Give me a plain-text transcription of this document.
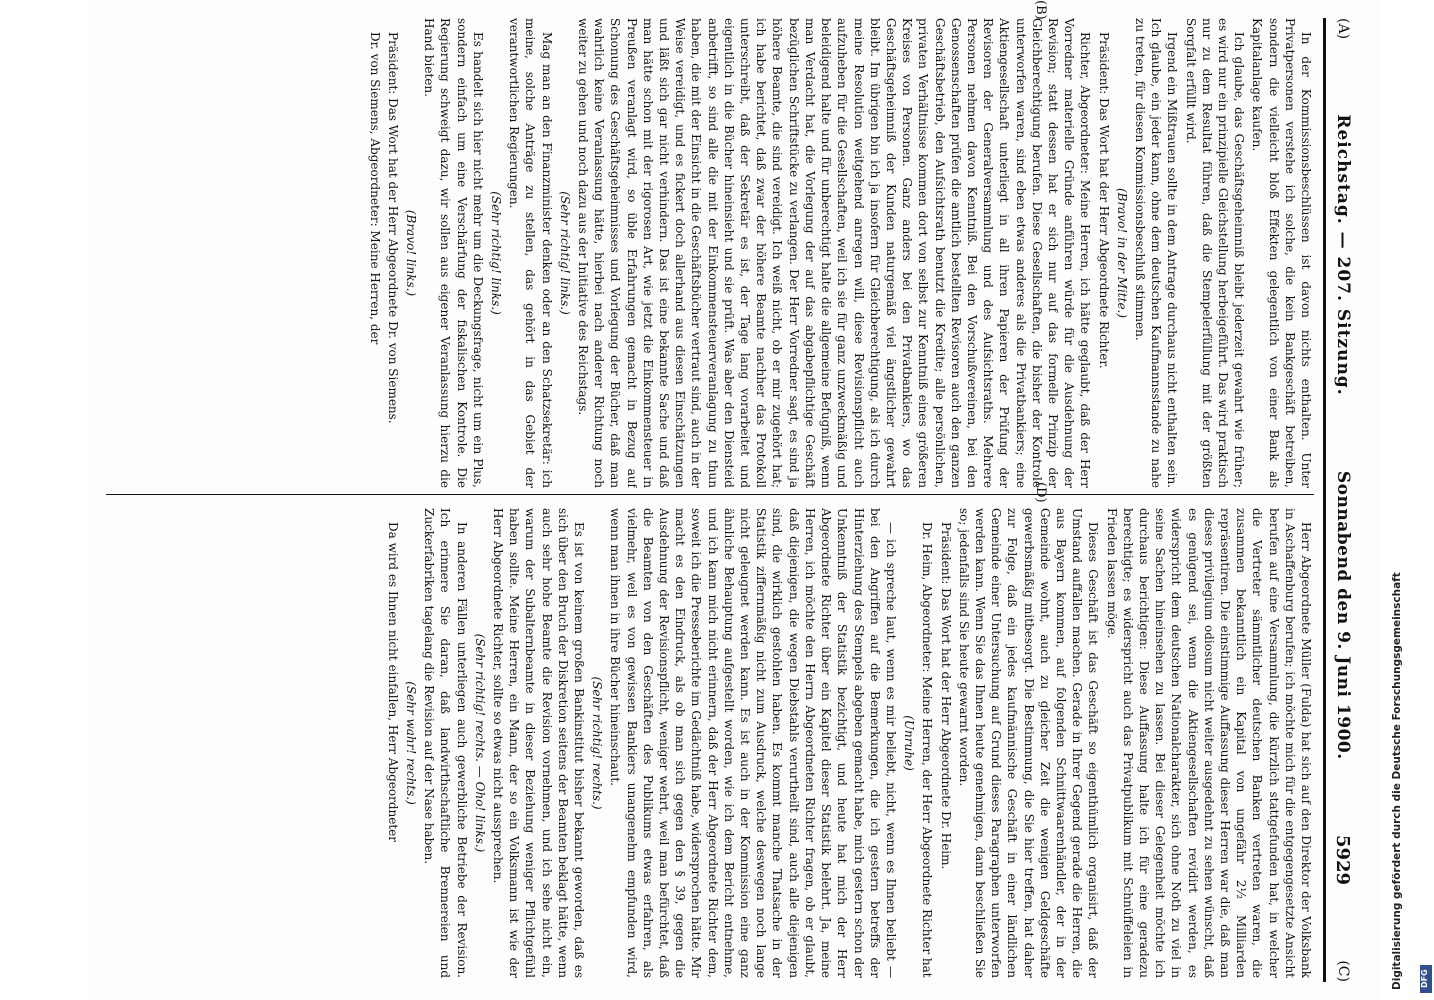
(A)
Reichstag. — 207. Sitzung.
Sonnabend den 9. Juni 1900.
5929
(C)

In der Kommissionsbeschlüssen ist davon nichts enthalten. Unter Privatpersonen verstehe ich solche, die kein Bankgeschäft betreiben, sondern die vielleicht bloß Effekten gelegentlich von einer Bank als Kapitalanlage kaufen.

Ich glaube, das Geschäftsgeheimniß bleibt jederzeit gewahrt wie früher; es wird nur ein prinzipielle Gleichstellung herbeigeführt. Das wird praktisch nur zu dem Resultat führen, daß die Stempelerfüllung mit der größten Sorgfalt erfüllt wird.

Irgend ein Mißtrauen sollte in dem Antrage durchaus nicht enthalten sein. Ich glaube, ein jeder kann, ohne dem deutschen Kaufmannsstande zu nahe zu treten, für diesen Kommissionsbeschluß stimmen.

(Bravo! in der Mitte.)

Präsident: Das Wort hat der Herr Abgeordnete Richter.

Richter, Abgeordneter: Meine Herren, ich hätte geglaubt, daß der Herr Vorredner materielle Gründe anführen würde für die Ausdehnung der Revision; statt dessen hat er sich nur auf das formelle Prinzip der Gleichberechtigung berufen. Diese Gesellschaften, die bisher der Kontrole unterworfen waren, sind eben etwas anderes als die Privatbankiers; eine Aktiengesellschaft unterliegt in all ihren Papieren der Prüfung der Revisoren der Generalversammlung und des Aufsichtsraths. Mehrere Personen nehmen davon Kenntniß. Bei den Vorschußvereinen, bei den Genossenschaften prüfen die amtlich bestellten Revisoren auch den ganzen Geschäftsbetrieb, den Aufsichtsrath benutzt die Kredite; alle persönlichen, privaten Verhältnisse kommen dort von selbst zur Kenntniß eines größeren Kreises von Personen. Ganz anders bei den Privatbankiers, wo das Geschäftsgeheimniß der Kunden naturgemäß viel ängstlicher gewahrt bleibt. Im übrigen bin ich ja insofern für Gleichberechtigung, als ich durch meine Resolution weitgehend anregen will, diese Revisionspflicht auch aufzuheben für die Gesellschaften, weil ich sie für ganz unzweckmäßig und beleidigend halte und für unberechtigt halte die allgemeine Befugniß, wenn man Verdacht hat, die Vorlegung der auf das abgabepflichtige Geschäft bezüglichen Schriftstücke zu verlangen. Der Herr Vorredner sagt, es sind ja höhere Beamte, die sind vereidigt. Ich weiß nicht, ob er mir zugehört hat; ich habe berichtet, daß zwar der höhere Beamte nachher das Protokoll unterschreibt, daß der Sekretär es ist, der Tage lang vorarbeitet und eigentlich in die Bücher hineinsieht und sie prüft. Was aber den Diensteid anbetrifft, so sind alle die mit der Einkommensteuerveranlagung zu thun haben, die mit der Einsicht in die Geschäftsbücher vertraut sind, auch in der Weise vereidigt, und es fickert doch allerhand aus diesen Einschätzungen und läßt sich gar nicht verhindern. Das ist eine bekannte Sache und daß man hätte schon mit der rigorosen Art, wie jetzt die Einkommensteuer in Preußen veranlagt wird, so üble Erfahrungen gemacht in Bezug auf Schonung des Geschäftsgeheimnisses und Vorlegung der Bücher, daß man wahrlich keine Veranlassung hätte, hierbei nach anderer Richtung noch weiter zu gehen und noch dazu aus der Initiative des Reichstags.

(Sehr richtig! links.)

Mag man an den Finanzminister denken oder an den Schatzsekretär: ich meine, solche Anträge zu stellen, das gehört in das Gebiet der verantwortlichen Regierungen.

(Sehr richtig! links.)

Es handelt sich hier nicht mehr um die Deckungsfrage, nicht um ein Plus, sondern einfach um eine Verschärfung der fiskalischen Kontrole. Die Regierung schweigt dazu, wir sollen aus eigener Veranlassung hierzu die Hand bieten.

(Bravo! links.)

Präsident: Das Wort hat der Herr Abgeordnete Dr. von Siemens.

Dr. von Siemens, Abgeordneter: Meine Herren, der

Herr Abgeordnete Müller (Fulda) hat sich auf den Direktor der Volksbank in Aschaffenburg berufen; ich möchte mich für die entgegengesetzte Ansicht berufen auf eine Versammlung, die kürzlich stattgefunden hat, in welcher die Vertreter sämmtlicher deutschen Banken vertreten waren, die zusammen bekanntlich ein Kapital von ungefähr 2½ Milliarden repräsentiren. Die einstimmige Auffassung dieser Herren war die, daß man dieses privilegium odiosum nicht weiter ausgedehnt zu sehen wünscht, daß es genügend sei, wenn die Aktiengesellschaften revidirt werden, es widerspricht dem deutschen Nationalcharakter, sich ohne Noth zu viel in seine Sachen hineinsehen zu lassen. Bei dieser Gelegenheit möchte ich durchaus berichtigen: Diese Auffassung halte ich für eine geradezu berechtigte; es widerspricht auch das Privatpublikum mit Schnüffeleien in Frieden lassen möge.

Dieses Geschäft ist das Geschäft so eigenthümlich organisirt, daß der Umstand auffallen machen. Gerade in Ihrer Gegend gerade die Herren, die aus Bayern kommen, auf folgenden Schnittwaarenhändler, der in der Gemeinde wohnt, auch zu gleicher Zeit die wenigen Geldgeschäfte gewerbsmäßig mitbesorgt. Die Bestimmung, die Sie hier treffen, hat daher zur Folge, daß ein jedes kaufmännische Geschäft in einer ländlichen Gemeinde einer Untersuchung auf Grund dieses Paragraphen unterworfen werden kann. Wenn Sie das Ihnen heute genehmigen, dann beschließen Sie so; jedenfalls sind Sie heute gewarnt worden.

Präsident: Das Wort hat der Herr Abgeordnete Dr. Heim.

Dr. Heim, Abgeordneter: Meine Herren, der Herr Abgeordnete Richter hat

(Unruhe)

— ich spreche laut, wenn es mir beliebt, nicht, wenn es Ihnen beliebt — bei den Angriffen auf die Bemerkungen, die ich gestern betreffs der Hinterziehung des Stempels abgeben gemacht habe, mich gestern schon der Unkenntniß der Statistik bezichtigt, und heute hat mich der Herr Abgeordnete Richter über ein Kapitel dieser Statistik belehrt. Ja, meine Herren, ich möchte den Herrn Abgeordneten Richter fragen, ob er glaubt, daß diejenigen, die wegen Diebstahls verurtheilt sind, auch alle diejenigen sind, die wirklich gestohlen haben. Es kommt manche Thatsache in der Statistik ziffernmäßig nicht zum Ausdruck, welche deswegen noch lange nicht geleugnet werden kann. Es ist auch in der Kommission eine ganz ähnliche Behauptung aufgestellt worden, wie ich dem Bericht entnehme, und ich kann mich nicht erinnern, daß der Herr Abgeordnete Richter dem, soweit ich die Presseberichte im Gedächtniß habe, widersprochen hätte. Mir macht es den Eindruck, als ob man sich gegen den § 39, gegen die Ausdehnung der Revisionspflicht, weniger wehrt, weil man befürchtet, daß die Beamten von den Geschäften des Publikums etwas erfahren, als vielmehr, weil es von gewissen Bankiers unangenehm empfunden wird, wenn man ihnen in ihre Bücher hineinschaut.

(Sehr richtig! rechts.)

Es ist von keinem großen Bankinstitut bisher bekannt geworden, daß es sich über den Bruch der Diskretion seitens der Beamten beklagt hätte, wenn auch sehr hohe Beamte die Revision vornehmen, und ich sehe nicht ein, warum der Subalternbeamte in dieser Beziehung weniger Pflichtgefühl haben sollte. Meine Herren, ein Mann, der so ein Volksmann ist wie der Herr Abgeordnete Richter, sollte so etwas nicht aussprechen.

(Sehr richtig! rechts. — Oho! links.)

In anderen Fällen unterliegen auch gewerbliche Betriebe der Revision. Ich erinnere Sie daran, daß landwirthschaftliche Brennereien und Zuckerfabriken tagelang die Revision auf der Nase haben.

(Sehr wahr! rechts.)

Da wird es Ihnen nicht einfallen, Herr Abgeordneter

(B)
(D)
Digitalisierung gefördert durch die Deutsche Forschungsgemeinschaft DFG
